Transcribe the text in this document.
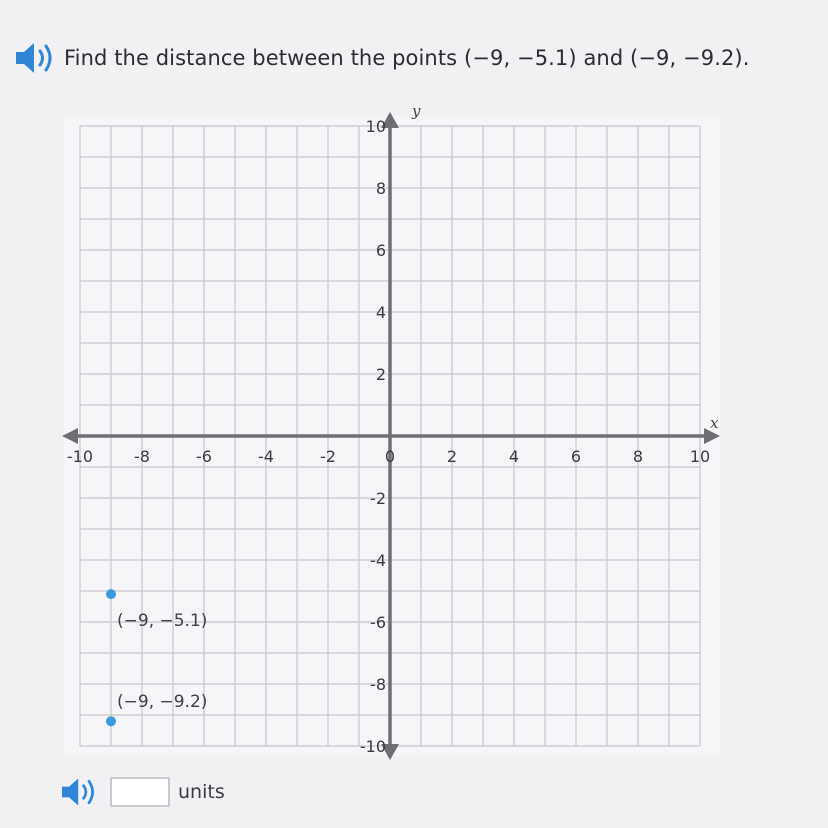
Find the distance between the points (−9, −5.1) and (−9, −9.2).
x
y
-10	-8	-6	-4	-2	0	2	4	6	8	10
10
8
6
4
2
-2
-4
-6
-8
-10
(−9, −5.1)
(−9, −9.2)
units
